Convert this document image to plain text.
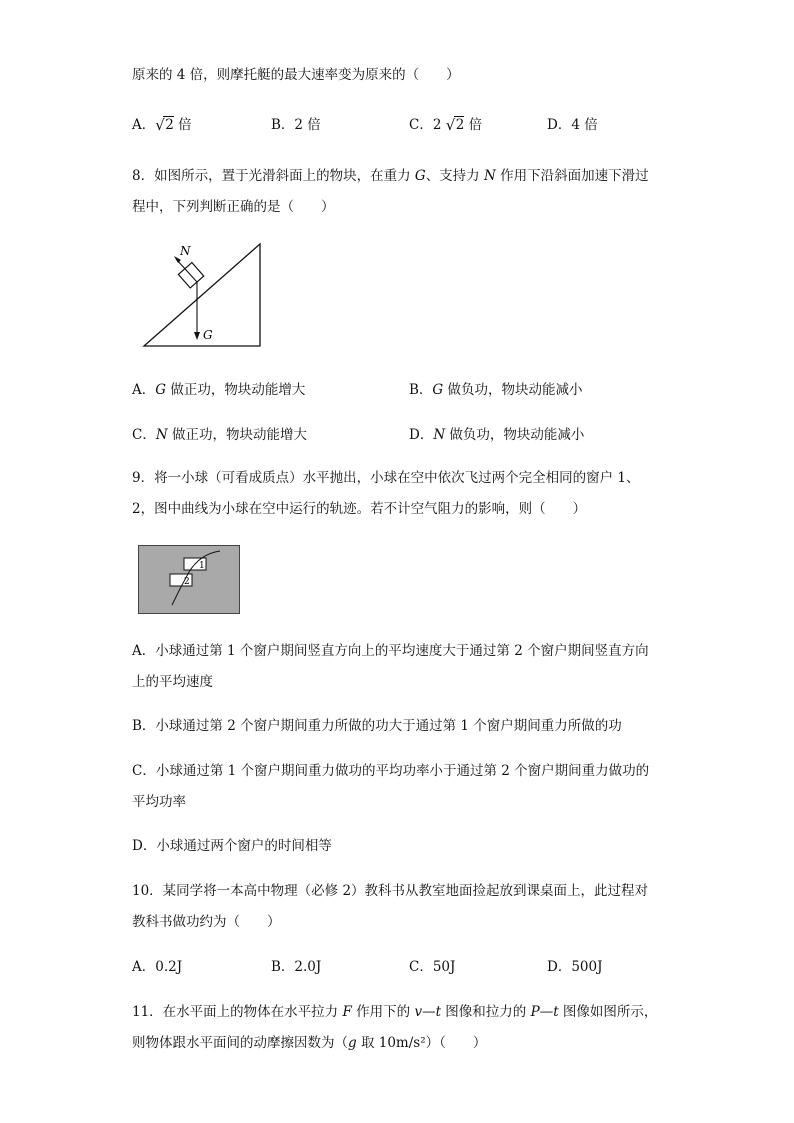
原来的 4 倍，则摩托艇的最大速率变为原来的（　　）
A． √ 2 倍	B．2 倍	C．2 √ 2 倍	D．4 倍
8．如图所示，置于光滑斜面上的物块，在重力 G、支持力 N 作用下沿斜面加速下滑过
程中，下列判断正确的是（　　）
N
G
A．G 做正功，物块动能增大	B．G 做负功，物块动能减小
C．N 做正功，物块动能增大	D．N 做负功，物块动能减小
9．将一小球（可看成质点）水平抛出，小球在空中依次飞过两个完全相同的窗户 1、
2，图中曲线为小球在空中运行的轨迹。若不计空气阻力的影响，则（　　）
1
2
A．小球通过第 1 个窗户期间竖直方向上的平均速度大于通过第 2 个窗户期间竖直方向
上的平均速度
B．小球通过第 2 个窗户期间重力所做的功大于通过第 1 个窗户期间重力所做的功
C．小球通过第 1 个窗户期间重力做功的平均功率小于通过第 2 个窗户期间重力做功的
平均功率
D．小球通过两个窗户的时间相等
10．某同学将一本高中物理（必修 2）教科书从教室地面捡起放到课桌面上，此过程对
教科书做功约为（　　）
A．0.2J	B．2.0J	C．50J	D．500J
11．在水平面上的物体在水平拉力 F 作用下的 v—t 图像和拉力的 P—t 图像如图所示，
则物体跟水平面间的动摩擦因数为（g 取 10m/s²）（　　）
